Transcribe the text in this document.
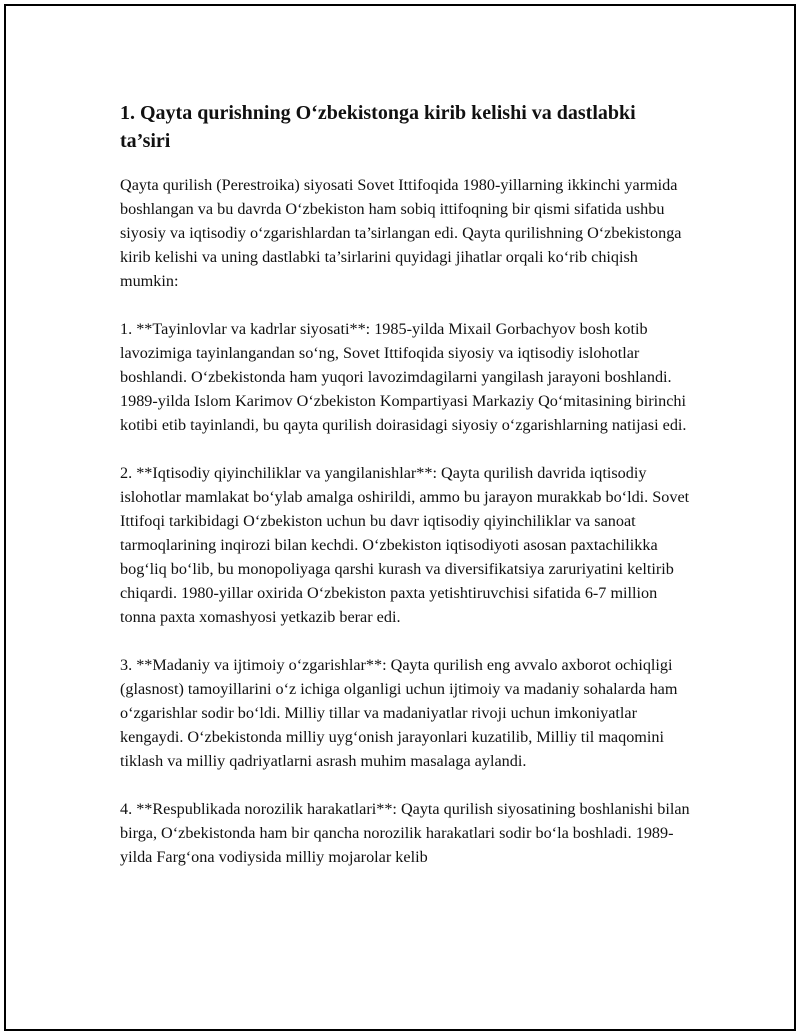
1. Qayta qurishning O‘zbekistonga kirib kelishi va dastlabki ta’siri

Qayta qurilish (Perestroika) siyosati Sovet Ittifoqida 1980-yillarning ikkinchi yarmida boshlangan va bu davrda O‘zbekiston ham sobiq ittifoqning bir qismi sifatida ushbu siyosiy va iqtisodiy o‘zgarishlardan ta’sirlangan edi. Qayta qurilishning O‘zbekistonga kirib kelishi va uning dastlabki ta’sirlarini quyidagi jihatlar orqali ko‘rib chiqish mumkin:

1. **Tayinlovlar va kadrlar siyosati**: 1985-yilda Mixail Gorbachyov bosh kotib lavozimiga tayinlangandan so‘ng, Sovet Ittifoqida siyosiy va iqtisodiy islohotlar boshlandi. O‘zbekistonda ham yuqori lavozimdagilarni yangilash jarayoni boshlandi. 1989-yilda Islom Karimov O‘zbekiston Kompartiyasi Markaziy Qo‘mitasining birinchi kotibi etib tayinlandi, bu qayta qurilish doirasidagi siyosiy o‘zgarishlarning natijasi edi.

2. **Iqtisodiy qiyinchiliklar va yangilanishlar**: Qayta qurilish davrida iqtisodiy islohotlar mamlakat bo‘ylab amalga oshirildi, ammo bu jarayon murakkab bo‘ldi. Sovet Ittifoqi tarkibidagi O‘zbekiston uchun bu davr iqtisodiy qiyinchiliklar va sanoat tarmoqlarining inqirozi bilan kechdi. O‘zbekiston iqtisodiyoti asosan paxtachilikka bog‘liq bo‘lib, bu monopoliyaga qarshi kurash va diversifikatsiya zaruriyatini keltirib chiqardi. 1980-yillar oxirida O‘zbekiston paxta yetishtiruvchisi sifatida 6-7 million tonna paxta xomashyosi yetkazib berar edi.

3. **Madaniy va ijtimoiy o‘zgarishlar**: Qayta qurilish eng avvalo axborot ochiqligi (glasnost) tamoyillarini o‘z ichiga olganligi uchun ijtimoiy va madaniy sohalarda ham o‘zgarishlar sodir bo‘ldi. Milliy tillar va madaniyatlar rivoji uchun imkoniyatlar kengaydi. O‘zbekistonda milliy uyg‘onish jarayonlari kuzatilib, Milliy til maqomini tiklash va milliy qadriyatlarni asrash muhim masalaga aylandi.

4. **Respublikada norozilik harakatlari**: Qayta qurilish siyosatining boshlanishi bilan birga, O‘zbekistonda ham bir qancha norozilik harakatlari sodir bo‘la boshladi. 1989-yilda Farg‘ona vodiysida milliy mojarolar kelib
